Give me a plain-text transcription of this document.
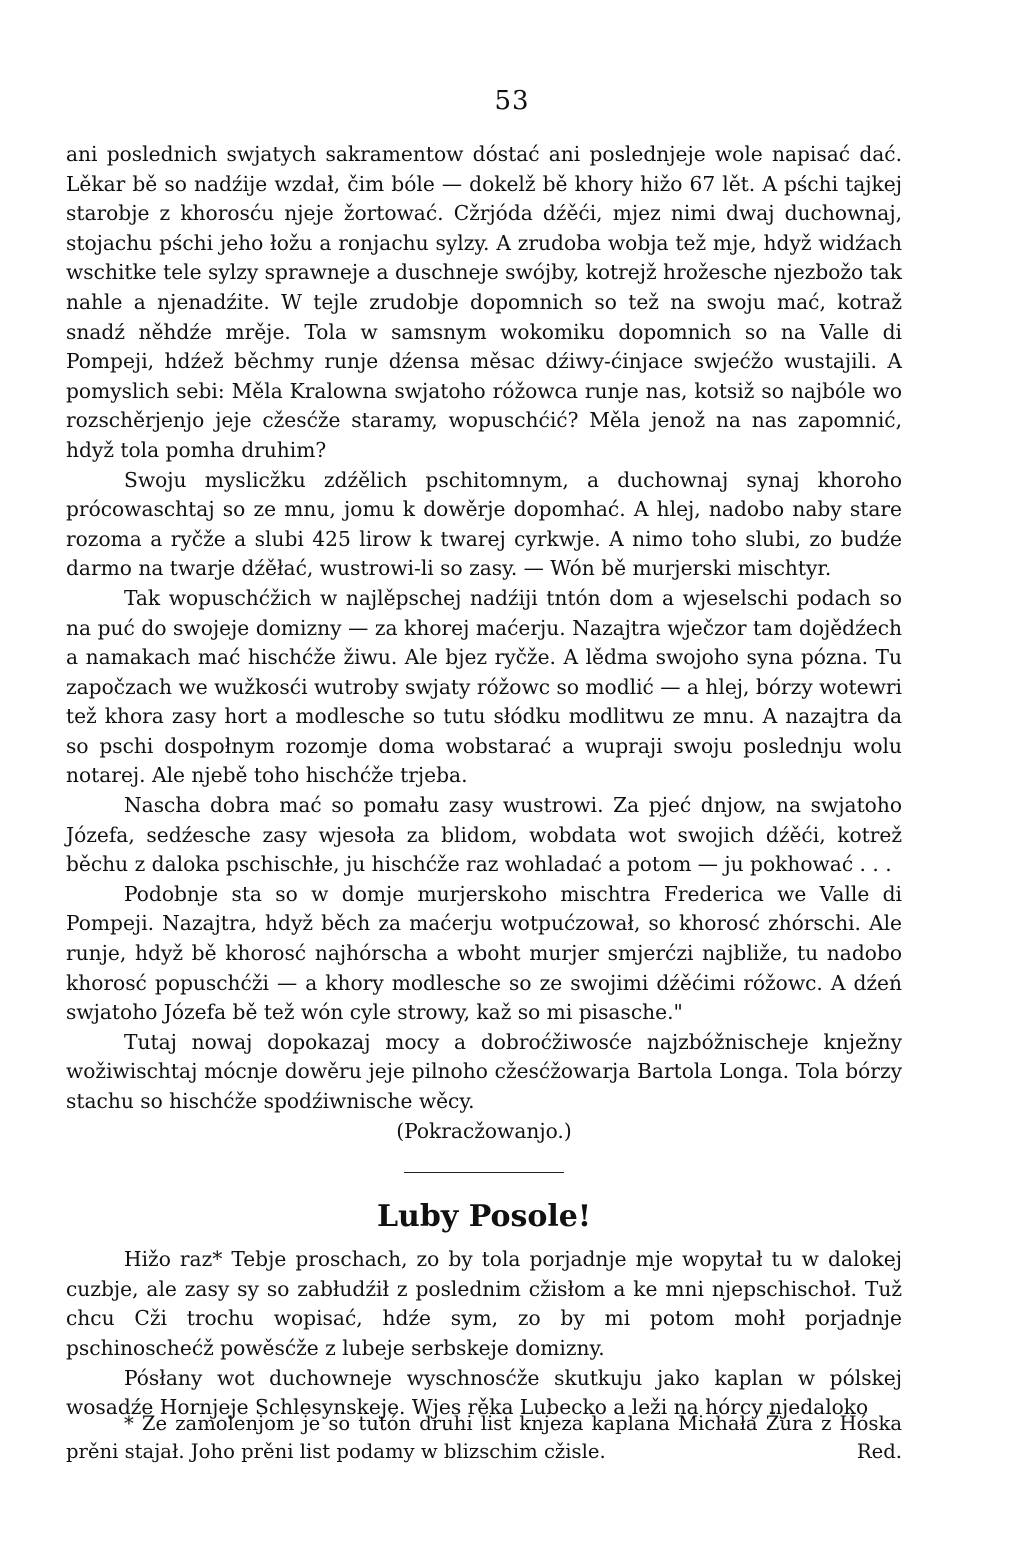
53

ani poslednich swjatych sakramentow dóstać ani poslednjeje wole napisać dać. Lěkar bě so nadźije wzdał, čim bóle — dokelž bě khory hižo 67 lět. A pśchi tajkej starobje z khorosću njeje žortować. Cžrjóda dźěći, mjez nimi dwaj duchownaj, stojachu pśchi jeho łožu a ronjachu sylzy. A zrudoba wobja tež mje, hdyž widźach wschitke tele sylzy sprawneje a duschneje swójby, kotrejž hrožesche njezbožo tak nahle a njenadźite. W tejle zrudobje dopomnich so tež na swoju mać, kotraž snadź něhdźe mrěje. Tola w samsnym wokomiku dopomnich so na Valle di Pompeji, hdźež běchmy runje dźensa měsac dźiwy-ćinjace swjećžo wustajili. A pomyslich sebi: Měla Kralowna swjatoho róžowca runje nas, kotsiž so najbóle wo rozschěrjenjo jeje cžesćže staramy, wopuschćić? Měla jenož na nas zapomnić, hdyž tola pomha druhim?

Swoju myslicžku zdźělich pschitomnym, a duchownaj synaj khoroho prócowaschtaj so ze mnu, jomu k dowěrje dopomhać. A hlej, nadobo naby stare rozoma a ryčže a slubi 425 lirow k twarej cyrkwje. A nimo toho slubi, zo budźe darmo na twarje dźěłać, wustrowi-li so zasy. — Wón bě murjerski mischtyr.

Tak wopuschćžich w najlěpschej nadźiji tntón dom a wjeselschi podach so na puć do swojeje domizny — za khorej maćerju. Nazajtra wječzor tam dojědźech a namakach mać hischćže žiwu. Ale bjez ryčže. A lědma swojoho syna pózna. Tu započzach we wužkosći wutroby swjaty róžowc so modlić — a hlej, bórzy wotewri tež khora zasy hort a modlesche so tutu słódku modlitwu ze mnu. A nazajtra da so pschi dospołnym rozomje doma wobstarać a wupraji swoju poslednju wolu notarej. Ale njebě toho hischćže trjeba.

Nascha dobra mać so pomału zasy wustrowi. Za pjeć dnjow, na swjatoho Józefa, sedźesche zasy wjesoła za blidom, wobdata wot swojich dźěći, kotrež běchu z daloka pschischłe, ju hischćže raz wohladać a potom — ju pokhować . . .

Podobnje sta so w domje murjerskoho mischtra Frederica we Valle di Pompeji. Nazajtra, hdyž běch za maćerju wotpućzował, so khorosć zhórschi. Ale runje, hdyž bě khorosć najhórscha a wboht murjer smjerćzi najbliže, tu nadobo khorosć popuschćži — a khory modlesche so ze swojimi dźěćimi róžowc. A dźeń swjatoho Józefa bě tež wón cyle strowy, kaž so mi pisasche."

Tutaj nowaj dopokazaj mocy a dobroćžiwosće najzbóžnischeje knježny wožiwischtaj mócnje dowěru jeje pilnoho cžesćžowarja Bartola Longa. Tola bórzy stachu so hischćže spodźiwnische wěcy.

(Pokracžowanjo.)

Luby Posole!

Hižo raz* Tebje proschach, zo by tola porjadnje mje wopytał tu w dalokej cuzbje, ale zasy sy so zabłudźił z poslednim cžisłom a ke mni njepschischoł. Tuž chcu Cži trochu wopisać, hdźe sym, zo by mi potom mohł porjadnje pschinoschećž powěsćže z lubeje serbskeje domizny.

Pósłany wot duchowneje wyschnosćže skutkuju jako kaplan w pólskej wosadźe Hornjeje Schlesynskeje. Wjes rěka Lubecko a leži na hórcy njedaloko

* Ze zamolenjom je so tutón druhi list knjeza kaplana Michała Žura z Hóska prěni stajał. Joho prěni list podamy w blizschim cžisle.	Red.
